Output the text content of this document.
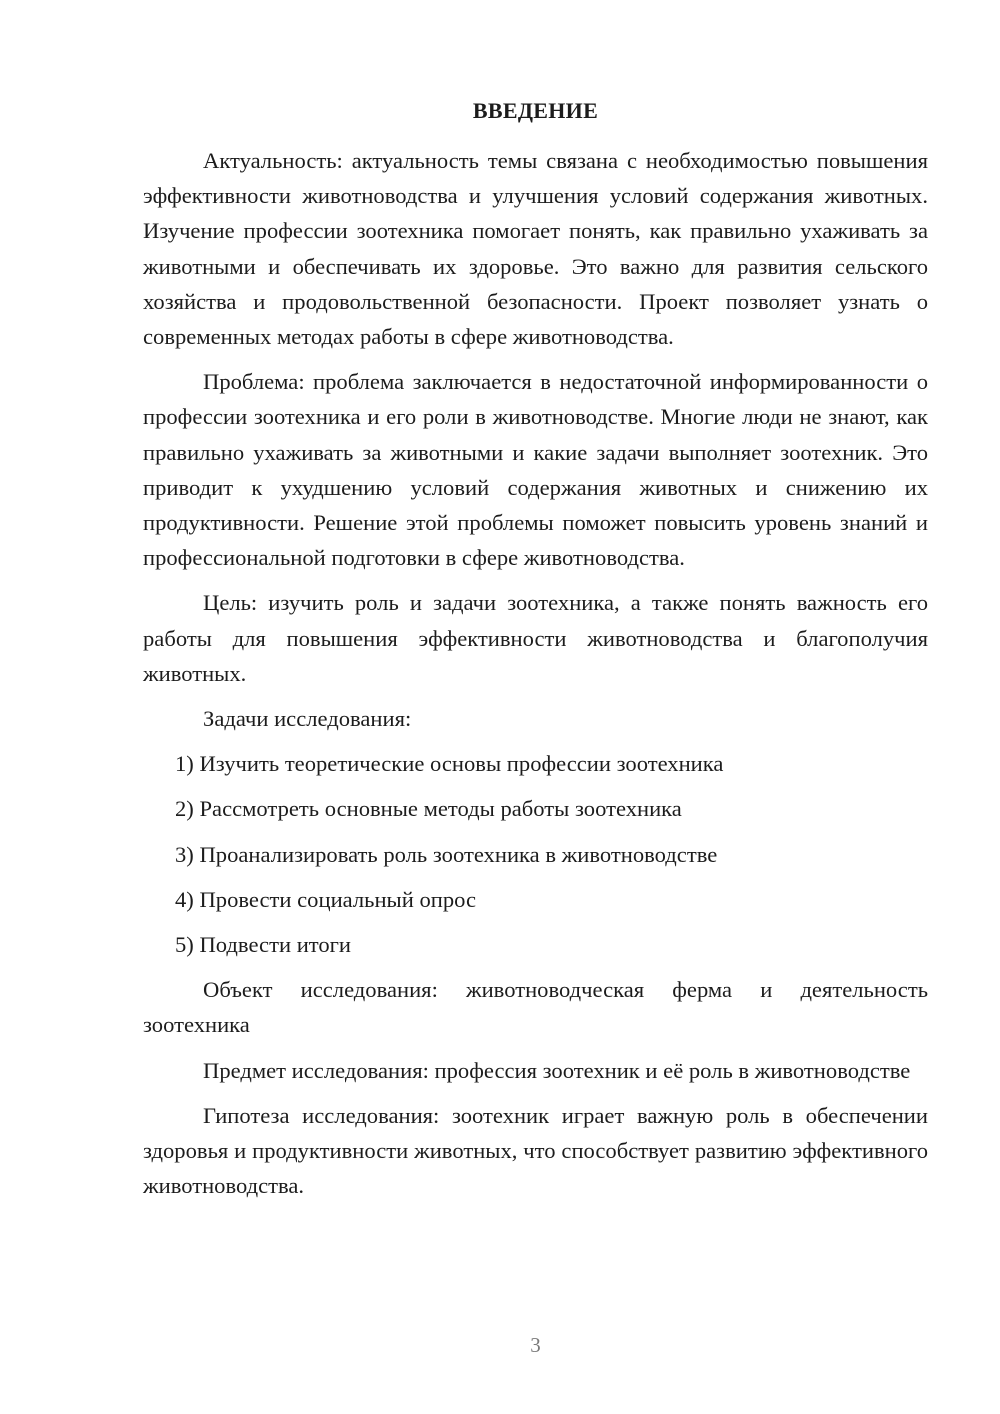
ВВЕДЕНИЕ

Актуальность: актуальность темы связана с необходимостью повышения эффективности животноводства и улучшения условий содержания животных. Изучение профессии зоотехника помогает понять, как правильно ухаживать за животными и обеспечивать их здоровье. Это важно для развития сельского хозяйства и продовольственной безопасности. Проект позволяет узнать о современных методах работы в сфере животноводства.

Проблема: проблема заключается в недостаточной информированности о профессии зоотехника и его роли в животноводстве. Многие люди не знают, как правильно ухаживать за животными и какие задачи выполняет зоотехник. Это приводит к ухудшению условий содержания животных и снижению их продуктивности. Решение этой проблемы поможет повысить уровень знаний и профессиональной подготовки в сфере животноводства.

Цель: изучить роль и задачи зоотехника, а также понять важность его работы для повышения эффективности животноводства и благополучия животных.

Задачи исследования:

1) Изучить теоретические основы профессии зоотехника

2) Рассмотреть основные методы работы зоотехника

3) Проанализировать роль зоотехника в животноводстве

4) Провести социальный опрос

5) Подвести итоги

Объект исследования: животноводческая ферма и деятельность зоотехника

Предмет исследования: профессия зоотехник и её роль в животноводстве

Гипотеза исследования: зоотехник играет важную роль в обеспечении здоровья и продуктивности животных, что способствует развитию эффективного животноводства.

3
